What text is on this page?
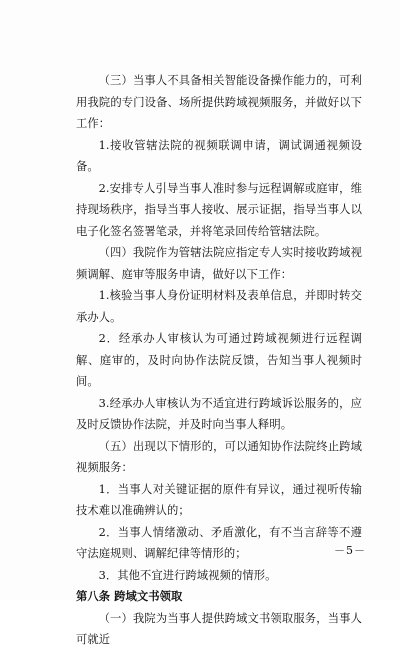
（三）当事人不具备相关智能设备操作能力的，可利用我院的专门设备、场所提供跨域视频服务，并做好以下工作：

1.接收管辖法院的视频联调申请，调试调通视频设备。

2.安排专人引导当事人准时参与远程调解或庭审，维持现场秩序，指导当事人接收、展示证据，指导当事人以电子化签名签署笔录，并将笔录回传给管辖法院。

（四）我院作为管辖法院应指定专人实时接收跨域视频调解、庭审等服务申请，做好以下工作：

1.核验当事人身份证明材料及表单信息，并即时转交承办人。

2．经承办人审核认为可通过跨域视频进行远程调解、庭审的，及时向协作法院反馈，告知当事人视频时间。

3.经承办人审核认为不适宜进行跨域诉讼服务的，应及时反馈协作法院，并及时向当事人释明。

（五）出现以下情形的，可以通知协作法院终止跨域视频服务：

1．当事人对关键证据的原件有异议，通过视听传输技术难以准确辨认的；

2．当事人情绪激动、矛盾激化，有不当言辞等不遵守法庭规则、调解纪律等情形的；

3．其他不宜进行跨域视频的情形。

第八条 跨域文书领取

（一）我院为当事人提供跨域文书领取服务，当事人可就近

－5－
